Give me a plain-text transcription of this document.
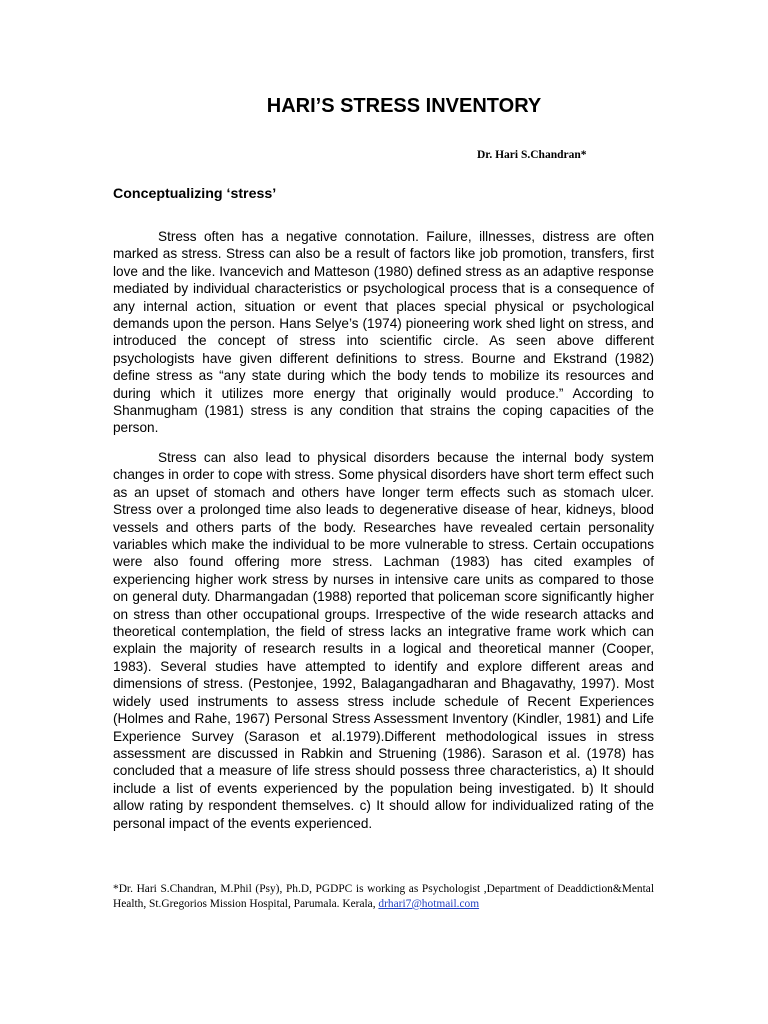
HARI’S STRESS INVENTORY

Dr. Hari S.Chandran*

Conceptualizing ‘stress’

Stress often has a negative connotation. Failure, illnesses, distress are often marked as stress. Stress can also be a result of factors like job promotion, transfers, first love and the like. Ivancevich and Matteson (1980) defined stress as an adaptive response mediated by individual characteristics or psychological process that is a consequence of any internal action, situation or event that places special physical or psychological demands upon the person. Hans Selye’s (1974) pioneering work shed light on stress, and introduced the concept of stress into scientific circle. As seen above different psychologists have given different definitions to stress. Bourne and Ekstrand (1982) define stress as “any state during which the body tends to mobilize its resources and during which it utilizes more energy that originally would produce.” According to Shanmugham (1981) stress is any condition that strains the coping capacities of the person.

Stress can also lead to physical disorders because the internal body system changes in order to cope with stress. Some physical disorders have short term effect such as an upset of stomach and others have longer term effects such as stomach ulcer. Stress over a prolonged time also leads to degenerative disease of hear, kidneys, blood vessels and others parts of the body. Researches have revealed certain personality variables which make the individual to be more vulnerable to stress. Certain occupations were also found offering more stress. Lachman (1983) has cited examples of experiencing higher work stress by nurses in intensive care units as compared to those on general duty. Dharmangadan (1988) reported that policeman score significantly higher on stress than other occupational groups. Irrespective of the wide research attacks and theoretical contemplation, the field of stress lacks an integrative frame work which can explain the majority of research results in a logical and theoretical manner (Cooper, 1983). Several studies have attempted to identify and explore different areas and dimensions of stress. (Pestonjee, 1992, Balagangadharan and Bhagavathy, 1997). Most widely used instruments to assess stress include schedule of Recent Experiences (Holmes and Rahe, 1967) Personal Stress Assessment Inventory (Kindler, 1981) and Life Experience Survey (Sarason et al.1979).Different methodological issues in stress assessment are discussed in Rabkin and Struening (1986). Sarason et al. (1978) has concluded that a measure of life stress should possess three characteristics, a) It should include a list of events experienced by the population being investigated. b) It should allow rating by respondent themselves. c) It should allow for individualized rating of the personal impact of the events experienced.

*Dr. Hari S.Chandran, M.Phil (Psy), Ph.D, PGDPC is working as Psychologist ,Department of Deaddiction&Mental Health, St.Gregorios Mission Hospital, Parumala. Kerala, drhari7@hotmail.com
